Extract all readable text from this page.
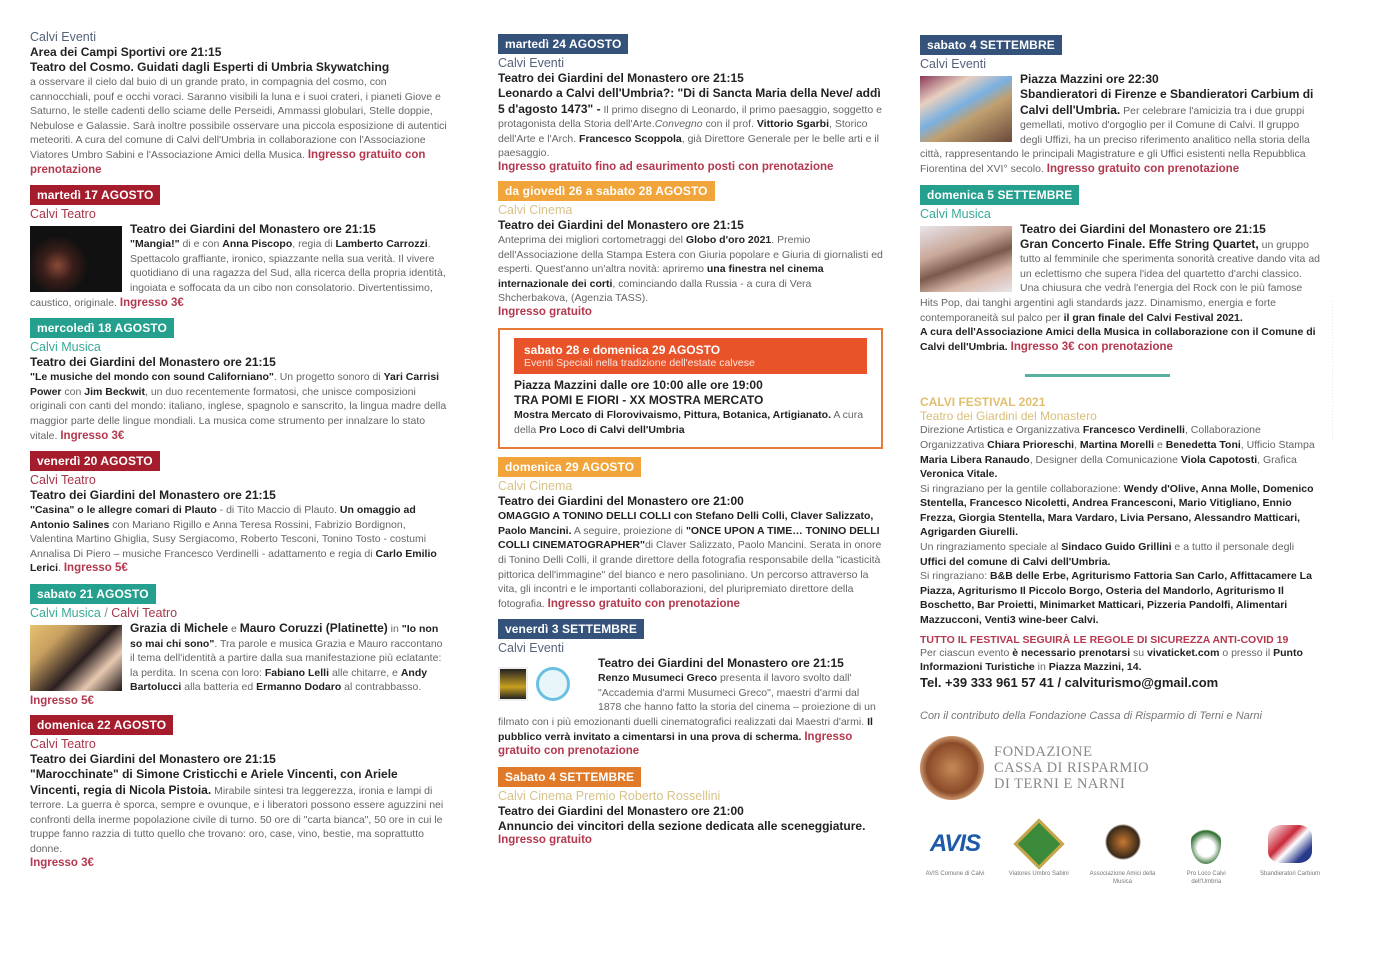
Calvi Eventi
Area dei Campi Sportivi ore 21:15
Teatro del Cosmo. Guidati dagli Esperti di Umbria Skywatching
a osservare il cielo dal buio di un grande prato, in compagnia del cosmo, con cannocchiali, pouf e occhi voraci. Saranno visibili la luna e i suoi crateri, i pianeti Giove e Saturno, le stelle cadenti dello sciame delle Perseidi, Ammassi globulari, Stelle doppie, Nebulose e Galassie. Sarà inoltre possibile osservare una piccola esposizione di autentici meteoriti. A cura del comune di Calvi dell'Umbria in collaborazione con l'Associazione Viatores Umbro Sabini e l'Associazione Amici della Musica. Ingresso gratuito con prenotazione
martedì 17 AGOSTO
Calvi Teatro
Teatro dei Giardini del Monastero ore 21:15
"Mangia!" di e con Anna Piscopo, regia di Lamberto Carrozzi. Spettacolo graffiante, ironico, spiazzante nella sua verità. Il vivere quotidiano di una ragazza del Sud, alla ricerca della propria identità, ingoiata e soffocata da un cibo non consolatorio. Divertentissimo, caustico, originale. Ingresso 3€
mercoledì 18 AGOSTO
Calvi Musica
Teatro dei Giardini del Monastero ore 21:15
"Le musiche del mondo con sound Californiano". Un progetto sonoro di Yari Carrisi Power con Jim Beckwit, un duo recentemente formatosi, che unisce composizioni originali con canti del mondo: italiano, inglese, spagnolo e sanscrito, la lingua madre della maggior parte delle lingue mondiali. La musica come strumento per innalzare lo stato vitale. Ingresso 3€
venerdì 20 AGOSTO
Calvi Teatro
Teatro dei Giardini del Monastero ore 21:15
"Casina" o le allegre comari di Plauto - di Tito Maccio di Plauto. Un omaggio ad Antonio Salines con Mariano Rigillo e Anna Teresa Rossini, Fabrizio Bordignon, Valentina Martino Ghiglia, Susy Sergiacomo, Roberto Tesconi, Tonino Tosto - costumi Annalisa Di Piero – musiche Francesco Verdinelli - adattamento e regia di Carlo Emilio Lerici. Ingresso 5€
sabato 21 AGOSTO
Calvi Musica / Calvi Teatro
Grazia di Michele e Mauro Coruzzi (Platinette) in "Io non so mai chi sono". Tra parole e musica Grazia e Mauro raccontano il tema dell'identità a partire dalla sua manifestazione più eclatante: la perdita. In scena con loro: Fabiano Lelli alle chitarre, e Andy Bartolucci alla batteria ed Ermanno Dodaro al contrabbasso.
Ingresso 5€
domenica 22 AGOSTO
Calvi Teatro
Teatro dei Giardini del Monastero ore 21:15
"Marocchinate" di Simone Cristicchi e Ariele Vincenti, con Ariele Vincenti, regia di Nicola Pistoia. Mirabile sintesi tra leggerezza, ironia e lampi di terrore. La guerra è sporca, sempre e ovunque, e i liberatori possono essere aguzzini nei confronti della inerme popolazione civile di turno. 50 ore di "carta bianca", 50 ore in cui le truppe fanno razzia di tutto quello che trovano: oro, case, vino, bestie, ma soprattutto donne.
Ingresso 3€
martedì 24 AGOSTO
Calvi Eventi
Teatro dei Giardini del Monastero ore 21:15
Leonardo a Calvi dell'Umbria?: "Di di Sancta Maria della Neve/ addì 5 d'agosto 1473" - Il primo disegno di Leonardo, il primo paesaggio, soggetto e protagonista della Storia dell'Arte.Convegno con il prof. Vittorio Sgarbi, Storico dell'Arte e l'Arch. Francesco Scoppola, già Direttore Generale per le belle arti e il paesaggio.
Ingresso gratuito fino ad esaurimento posti con prenotazione
da giovedì 26 a sabato 28 AGOSTO
Calvi Cinema
Teatro dei Giardini del Monastero ore 21:15
Anteprima dei migliori cortometraggi del Globo d'oro 2021. Premio dell'Associazione della Stampa Estera con Giuria popolare e Giuria di giornalisti ed esperti. Quest'anno un'altra novità: apriremo una finestra nel cinema internazionale dei corti, cominciando dalla Russia - a cura di Vera Shcherbakova, (Agenzia TASS).
Ingresso gratuito
sabato 28 e domenica 29 AGOSTO
Eventi Speciali nella tradizione dell'estate calvese
Piazza Mazzini dalle ore 10:00 alle ore 19:00
TRA POMI E FIORI - XX MOSTRA MERCATO
Mostra Mercato di Florovivaismo, Pittura, Botanica, Artigianato. A cura della Pro Loco di Calvi dell'Umbria
domenica 29 AGOSTO
Calvi Cinema
Teatro dei Giardini del Monastero ore 21:00
OMAGGIO A TONINO DELLI COLLI con Stefano Delli Colli, Claver Salizzato, Paolo Mancini. A seguire, proiezione di "ONCE UPON A TIME… TONINO DELLI COLLI CINEMATOGRAPHER"di Claver Salizzato, Paolo Mancini. Serata in onore di Tonino Delli Colli, il grande direttore della fotografia responsabile della "icasticità pittorica dell'immagine" del bianco e nero pasoliniano. Un percorso attraverso la vita, gli incontri e le importanti collaborazioni, del pluripremiato direttore della fotografia. Ingresso gratuito con prenotazione
venerdì 3 SETTEMBRE
Calvi Eventi
Teatro dei Giardini del Monastero ore 21:15
Renzo Musumeci Greco presenta il lavoro svolto dall' "Accademia d'armi Musumeci Greco", maestri d'armi dal 1878 che hanno fatto la storia del cinema – proiezione di un filmato con i più emozionanti duelli cinematografici realizzati dai Maestri d'armi. Il pubblico verrà invitato a cimentarsi in una prova di scherma. Ingresso gratuito con prenotazione
Sabato 4 SETTEMBRE
Calvi Cinema Premio Roberto Rossellini
Teatro dei Giardini del Monastero ore 21:00
Annuncio dei vincitori della sezione dedicata alle sceneggiature.
Ingresso gratuito
sabato 4 SETTEMBRE
Calvi Eventi
Piazza Mazzini ore 22:30
Sbandieratori di Firenze e Sbandieratori Carbium di Calvi dell'Umbria. Per celebrare l'amicizia tra i due gruppi gemellati, motivo d'orgoglio per il Comune di Calvi. Il gruppo degli Uffizi, ha un preciso riferimento analitico nella storia della città, rappresentando le principali Magistrature e gli Uffici esistenti nella Repubblica Fiorentina del XVI° secolo. Ingresso gratuito con prenotazione
domenica 5 SETTEMBRE
Calvi Musica
Teatro dei Giardini del Monastero ore 21:15
Gran Concerto Finale. Effe String Quartet, un gruppo tutto al femminile che sperimenta sonorità creative dando vita ad un eclettismo che supera l'idea del quartetto d'archi classico. Una chiusura che vedrà l'energia del Rock con le più famose Hits Pop, dai tanghi argentini agli standards jazz. Dinamismo, energia e forte contemporaneità sul palco per il gran finale del Calvi Festival 2021.
A cura dell'Associazione Amici della Musica in collaborazione con il Comune di Calvi dell'Umbria. Ingresso 3€ con prenotazione
CALVI FESTIVAL 2021
Teatro dei Giardini del Monastero
Direzione Artistica e Organizzativa Francesco Verdinelli, Collaborazione Organizzativa Chiara Prioreschi, Martina Morelli e Benedetta Toni, Ufficio Stampa Maria Libera Ranaudo, Designer della Comunicazione Viola Capotosti, Grafica Veronica Vitale.
Si ringraziano per la gentile collaborazione: Wendy d'Olive, Anna Molle, Domenico Stentella, Francesco Nicoletti, Andrea Francesconi, Mario Vitigliano, Ennio Frezza, Giorgia Stentella, Mara Vardaro, Livia Persano, Alessandro Matticari, Agrigarden Giurelli.
Un ringraziamento speciale al Sindaco Guido Grillini e a tutto il personale degli Uffici del comune di Calvi dell'Umbria.
Si ringraziano: B&B delle Erbe, Agriturismo Fattoria San Carlo, Affittacamere La Piazza, Agriturismo Il Piccolo Borgo, Osteria del Mandorlo, Agriturismo Il Boschetto, Bar Proietti, Minimarket Matticari, Pizzeria Pandolfi, Alimentari Mazzucconi, Venti3 wine-beer Calvi.
TUTTO IL FESTIVAL SEGUIRÀ LE REGOLE DI SICUREZZA ANTI-COVID 19
Per ciascun evento è necessario prenotarsi su vivaticket.com o presso il Punto Informazioni Turistiche in Piazza Mazzini, 14.
Tel. +39 333 961 57 41 / calviturismo@gmail.com
Con il contributo della Fondazione Cassa di Risparmio di Terni e Narni
FONDAZIONE
CASSA DI RISPARMIO
DI TERNI E NARNI
AVIS
AVIS Comune di Calvi	Viatores Umbro Sabini	Associazione Amici della Musica
Pro Loco Calvi dell'Umbria
Sbandieratori Carbium
· · · · · · · · · · · · · · · · · · · · · · · · · · · · · · · · · · · · · · · · · · · · · ·
